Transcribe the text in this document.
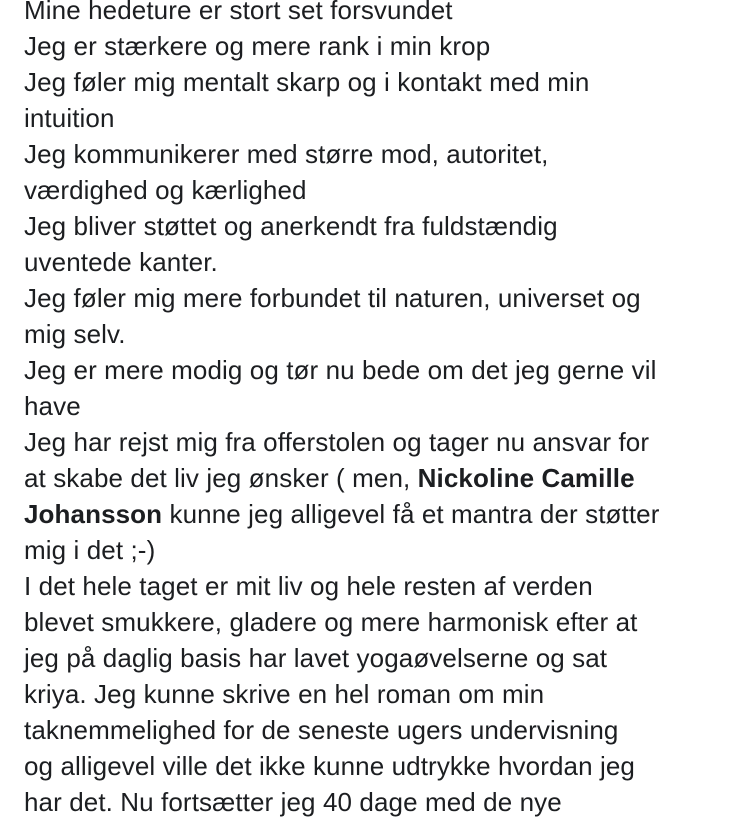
Mine hedeture er stort set forsvundet
Jeg er stærkere og mere rank i min krop
Jeg føler mig mentalt skarp og i kontakt med min
intuition
Jeg kommunikerer med større mod, autoritet,
værdighed og kærlighed
Jeg bliver støttet og anerkendt fra fuldstændig
uventede kanter.
Jeg føler mig mere forbundet til naturen, universet og
mig selv.
Jeg er mere modig og tør nu bede om det jeg gerne vil
have
Jeg har rejst mig fra offerstolen og tager nu ansvar for
at skabe det liv jeg ønsker ( men, Nickoline Camille
Johansson kunne jeg alligevel få et mantra der støtter
mig i det ;-)
I det hele taget er mit liv og hele resten af verden
blevet smukkere, gladere og mere harmonisk efter at
jeg på daglig basis har lavet yogaøvelserne og sat
kriya. Jeg kunne skrive en hel roman om min
taknemmelighed for de seneste ugers undervisning
og alligevel ville det ikke kunne udtrykke hvordan jeg
har det. Nu fortsætter jeg 40 dage med de nye
